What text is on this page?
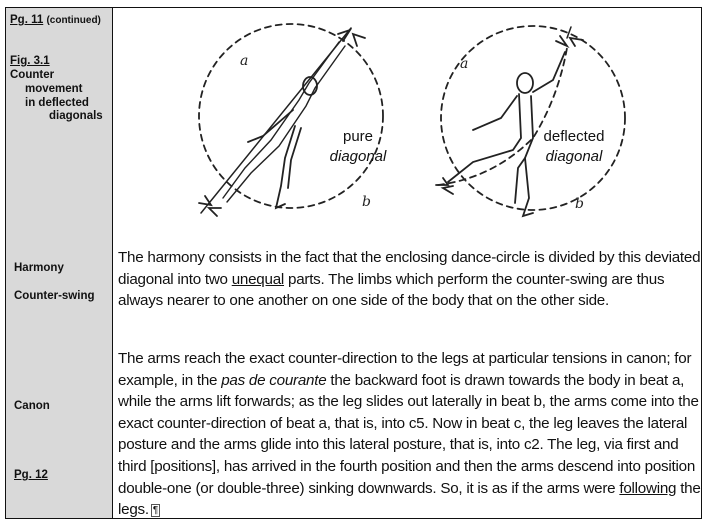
Pg. 11 (continued)
Fig. 3.1
Counter
movement
in deflected
diagonals
Harmony
Counter-swing
Canon
Pg. 12
a
b
a
b
pure
diagonal
deflected
diagonal
The harmony consists in the fact that the enclosing dance-circle is divided by this deviated diagonal into two unequal parts. The limbs which perform the counter-swing are thus always nearer to one another on one side of the body that on the other side.
The arms reach the exact counter-direction to the legs at particular tensions in canon; for example, in the pas de courante the backward foot is drawn towards the body in beat a, while the arms lift forwards; as the leg slides out laterally in beat b, the arms come into the exact counter-direction of beat a, that is, into c5. Now in beat c, the leg leaves the lateral posture and the arms glide into this lateral posture, that is, into c2. The leg, via first and third [positions], has arrived in the fourth position and then the arms descend into position double-one (or double-three) sinking downwards. So, it is as if the arms were following the legs. ¶
